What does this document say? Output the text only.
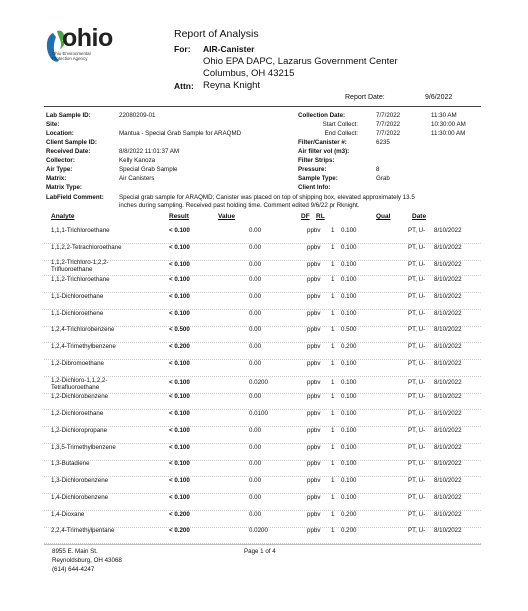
ohio
Ohio Environmental
Protection Agency
Report of Analysis
For: AIR-Canister
Ohio EPA DAPC, Lazarus Government Center
Columbus, OH 43215
Attn: Reyna Knight
Report Date:	9/6/2022
Lab Sample ID:	22080209-01
Site:
Location:	Mantua - Special Grab Sample for ARAQMD
Client Sample ID:
Received Date:	8/8/2022 11:01:37 AM
Collector:	Kelly Kanoza
Air Type:	Special Grab Sample
Matrix:	Air Canisters
Matrix Type:
Collection Date:	7/7/2022	11:30 AM
Start Collect:	7/7/2022	10:30:00 AM
End Collect:	7/7/2022	11:30:00 AM
Filter/Canister #:	6235
Air filter vol (m3):
Filter Strips:
Pressure:	8
Sample Type:	Grab
Client Info:
LabField Comment: Special grab sample for ARAQMD; Canister was placed on top of shipping box, elevated approximately 13.5
inches during sampling. Received past holding time. Comment edited 9/6/22 pr Rknight.
Analyte	Result	Value	DF RL	Qual	Date
1,1,1-Trichloroethane	< 0.100	0.00	ppbv 1 0.100	PT, U- 8/10/2022
1,1,2,2-Tetrachloroethane	< 0.100	0.00	ppbv 1 0.100	PT, U- 8/10/2022
1,1,2-Trichloro-1,2,2-Trifluoroethane
< 0.100	0.00	ppbv 1 0.100	PT, U- 8/10/2022
1,1,2-Trichloroethane	< 0.100	0.00	ppbv 1 0.100	PT, U- 8/10/2022
1,1-Dichloroethane	< 0.100	0.00	ppbv 1 0.100	PT, U- 8/10/2022
1,1-Dichloroethene	< 0.100	0.00	ppbv 1 0.100	PT, U- 8/10/2022
1,2,4-Trichlorobenzene	< 0.500	0.00	ppbv 1 0.500	PT, U- 8/10/2022
1,2,4-Trimethylbenzene	< 0.200	0.00	ppbv 1 0.200	PT, U- 8/10/2022
1,2-Dibromoethane	< 0.100	0.00	ppbv 1 0.100	PT, U- 8/10/2022
1,2-Dichloro-1,1,2,2-Tetrafluoroethane
< 0.100	0.0200	ppbv 1 0.100	PT, U- 8/10/2022
1,2-Dichlorobenzene	< 0.100	0.00	ppbv 1 0.100	PT, U- 8/10/2022
1,2-Dichloroethane	< 0.100	0.0100	ppbv 1 0.100	PT, U- 8/10/2022
1,2-Dichloropropane	< 0.100	0.00	ppbv 1 0.100	PT, U- 8/10/2022
1,3,5-Trimethylbenzene	< 0.100	0.00	ppbv 1 0.100	PT, U- 8/10/2022
1,3-Butadiene	< 0.100	0.00	ppbv 1 0.100	PT, U- 8/10/2022
1,3-Dichlorobenzene	< 0.100	0.00	ppbv 1 0.100	PT, U- 8/10/2022
1,4-Dichlorobenzene	< 0.100	0.00	ppbv 1 0.100	PT, U- 8/10/2022
1,4-Dioxane	< 0.200	0.00	ppbv 1 0.200	PT, U- 8/10/2022
2,2,4-Trimethylpentane	< 0.200	0.0200	ppbv 1 0.200	PT, U- 8/10/2022
8955 E. Main St.
Reynoldsburg, OH 43068
(614) 644-4247
Page 1 of 4
